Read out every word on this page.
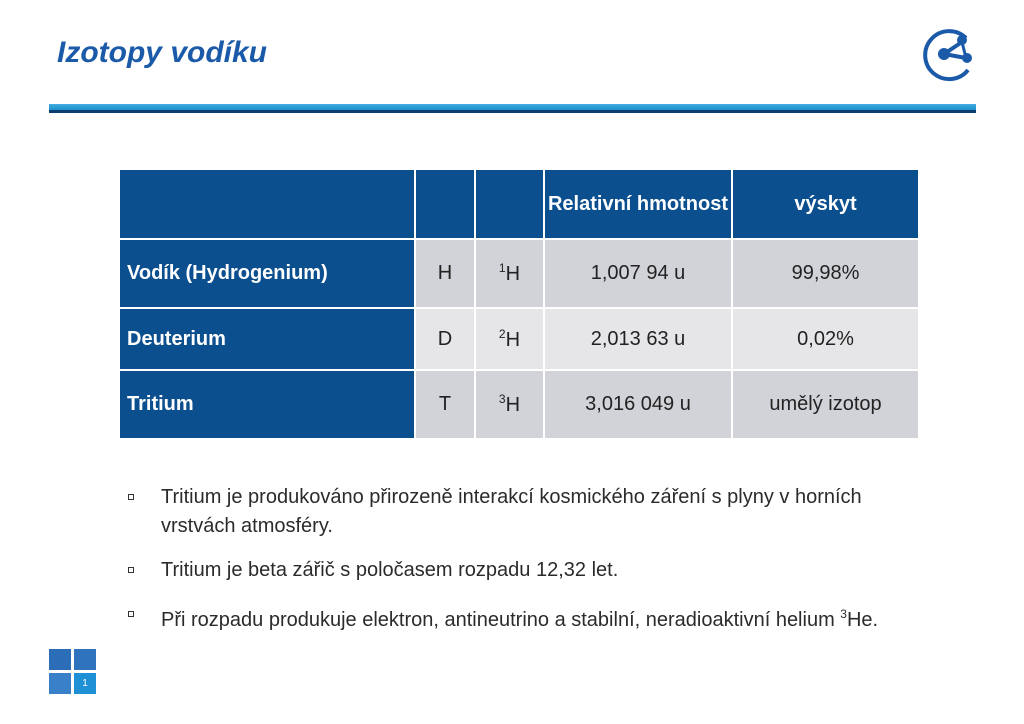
Izotopy vodíku
			Relativní hmotnost	výskyt
Vodík (Hydrogenium)	H	$^1$H	1,007 94 u	99,98%
Deuterium	D	$^2$H	2,013 63 u	0,02%
Tritium	T	$^3$H	3,016 049 u	umělý izotop
Tritium je produkováno přirozeně interakcí kosmického záření s plyny v horních vrstvách atmosféry.
Tritium je beta zářič s poločasem rozpadu 12,32 let.
Při rozpadu produkuje elektron, antineutrino a stabilní, neradioaktivní helium $^3$He.
1
